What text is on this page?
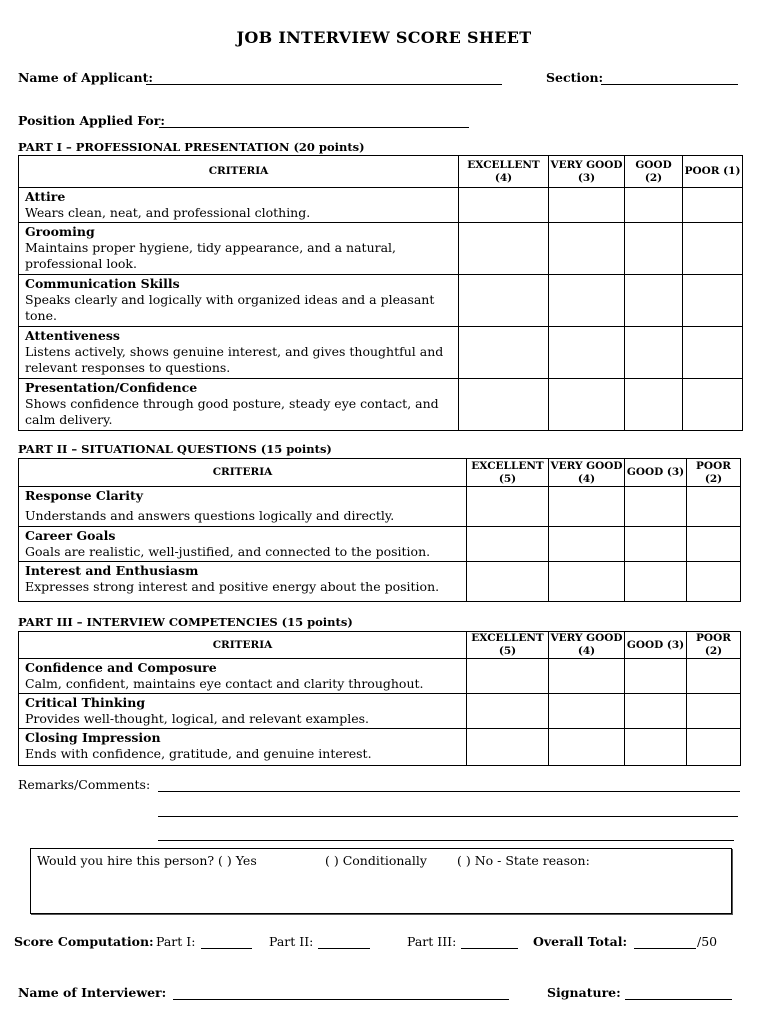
JOB INTERVIEW SCORE SHEET
Name of Applicant:	Section:
Position Applied For:
PART I – PROFESSIONAL PRESENTATION (20 points)
CRITERIA	EXCELLENT (4)	VERY GOOD (3)	GOOD (2)	POOR (1)

Attire
Wears clean, neat, and professional clothing.				

Grooming
Maintains proper hygiene, tidy appearance, and a natural, professional look.				

Communication Skills
Speaks clearly and logically with organized ideas and a pleasant tone.				

Attentiveness
Listens actively, shows genuine interest, and gives thoughtful and relevant responses to questions.				

Presentation/Confidence
Shows confidence through good posture, steady eye contact, and calm delivery.				

PART II – SITUATIONAL QUESTIONS (15 points)
CRITERIA	EXCELLENT (5)	VERY GOOD (4)	GOOD (3)	POOR (2)

Response Clarity
Understands and answers questions logically and directly.				

Career Goals
Goals are realistic, well-justified, and connected to the position.				

Interest and Enthusiasm
Expresses strong interest and positive energy about the position.				

PART III – INTERVIEW COMPETENCIES (15 points)
CRITERIA	EXCELLENT (5)	VERY GOOD (4)	GOOD (3)	POOR (2)

Confidence and Composure
Calm, confident, maintains eye contact and clarity throughout.				

Critical Thinking
Provides well-thought, logical, and relevant examples.				

Closing Impression
Ends with confidence, gratitude, and genuine interest.				

Remarks/Comments:
Would you hire this person? ( ) Yes	( ) Conditionally ( ) No - State reason:
Score Computation: Part I:	Part II:	Part III:	Overall Total:	/50
Name of Interviewer:	Signature:
